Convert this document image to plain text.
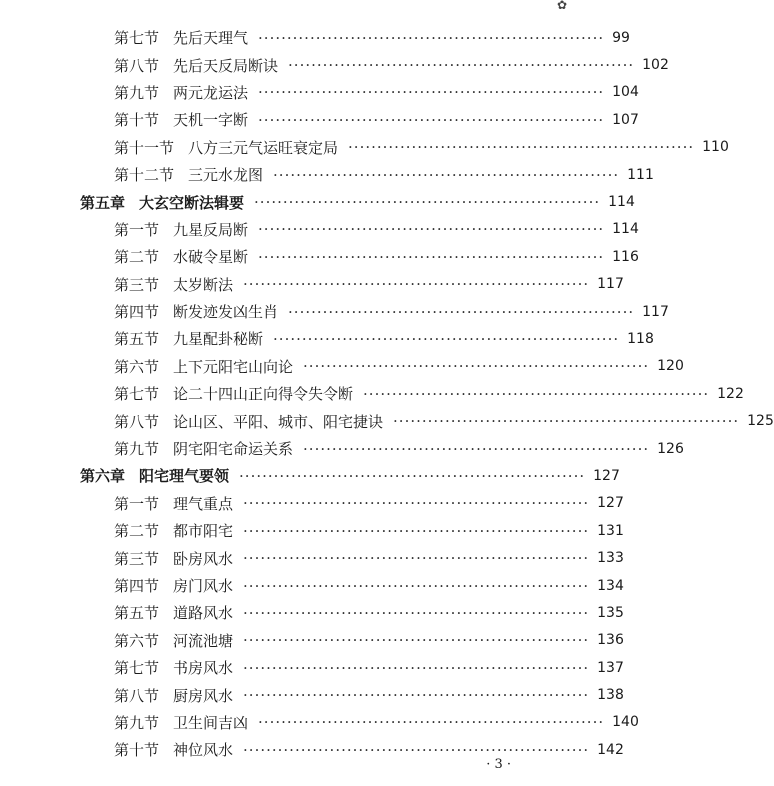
✿
第七节 先后天理气 ···························································· 99
第八节 先后天反局断诀 ···························································· 102
第九节 两元龙运法 ···························································· 104
第十节 天机一字断 ···························································· 107
第十一节 八方三元气运旺衰定局 ···························································· 110
第十二节 三元水龙图 ···························································· 111
第五章 大玄空断法辑要 ···························································· 114
第一节 九星反局断 ···························································· 114
第二节 水破令星断 ···························································· 116
第三节 太岁断法 ···························································· 117
第四节 断发迹发凶生肖 ···························································· 117
第五节 九星配卦秘断 ···························································· 118
第六节 上下元阳宅山向论 ···························································· 120
第七节 论二十四山正向得令失令断 ···························································· 122
第八节 论山区、平阳、城市、阳宅捷诀 ···························································· 125
第九节 阴宅阳宅命运关系 ···························································· 126
第六章 阳宅理气要领 ···························································· 127
第一节 理气重点 ···························································· 127
第二节 都市阳宅 ···························································· 131
第三节 卧房风水 ···························································· 133
第四节 房门风水 ···························································· 134
第五节 道路风水 ···························································· 135
第六节 河流池塘 ···························································· 136
第七节 书房风水 ···························································· 137
第八节 厨房风水 ···························································· 138
第九节 卫生间吉凶 ···························································· 140
第十节 神位风水 ···························································· 142
· 3 ·
